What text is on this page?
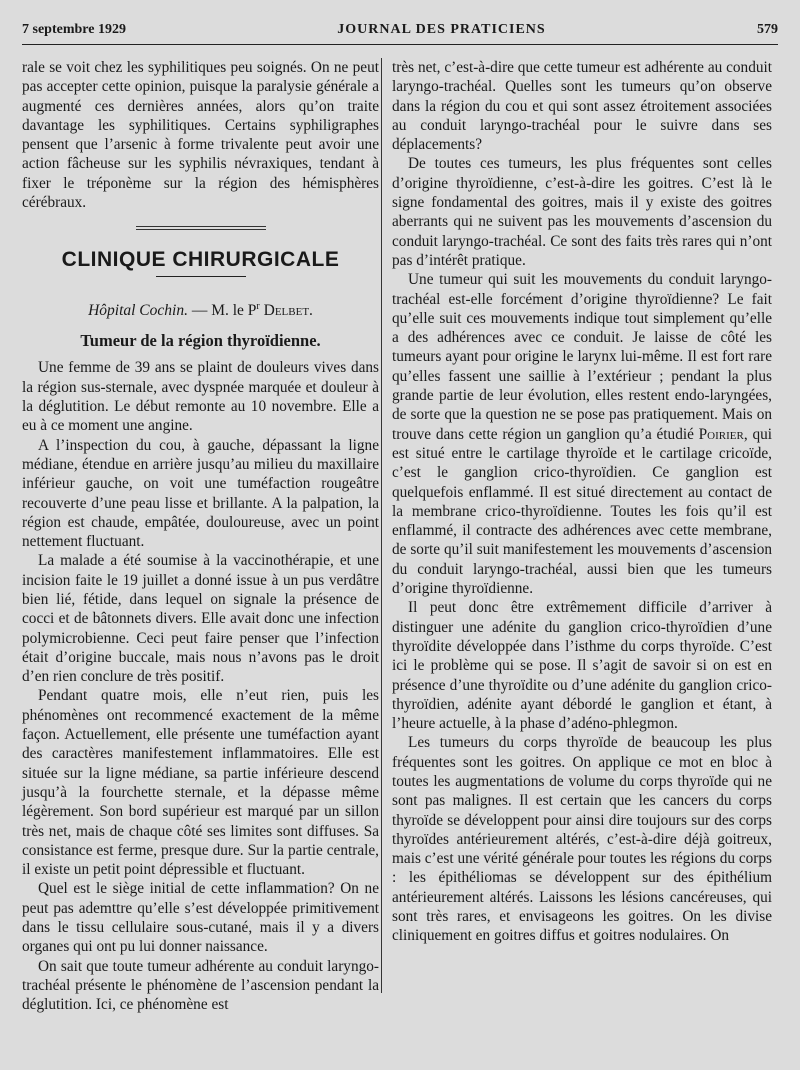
7 septembre 1929	JOURNAL DES PRATICIENS	579

rale se voit chez les syphilitiques peu soignés. On ne peut pas accepter cette opinion, puisque la paralysie générale a augmenté ces dernières années, alors qu’on traite davantage les syphilitiques. Certains syphiligraphes pensent que l’arsenic à forme trivalente peut avoir une action fâcheuse sur les syphilis névraxiques, tendant à fixer le tréponème sur la région des hémisphères cérébraux.

CLINIQUE CHIRURGICALE
Hôpital Cochin. — M. le $P^r$ Delbet.
Tumeur de la région thyroïdienne.

Une femme de 39 ans se plaint de douleurs vives dans la région sus-sternale, avec dyspnée marquée et douleur à la déglutition. Le début remonte au 10 novembre. Elle a eu à ce moment une angine.

A l’inspection du cou, à gauche, dépassant la ligne médiane, étendue en arrière jusqu’au milieu du maxillaire inférieur gauche, on voit une tuméfaction rougeâtre recouverte d’une peau lisse et brillante. A la palpation, la région est chaude, empâtée, douloureuse, avec un point nettement fluctuant.

La malade a été soumise à la vaccinothérapie, et une incision faite le 19 juillet a donné issue à un pus verdâtre bien lié, fétide, dans lequel on signale la présence de cocci et de bâtonnets divers. Elle avait donc une infection polymicrobienne. Ceci peut faire penser que l’infection était d’origine buccale, mais nous n’avons pas le droit d’en rien conclure de très positif.

Pendant quatre mois, elle n’eut rien, puis les phénomènes ont recommencé exactement de la même façon. Actuellement, elle présente une tuméfaction ayant des caractères manifestement inflammatoires. Elle est située sur la ligne médiane, sa partie inférieure descend jusqu’à la fourchette sternale, et la dépasse même légèrement. Son bord supérieur est marqué par un sillon très net, mais de chaque côté ses limites sont diffuses. Sa consistance est ferme, presque dure. Sur la partie centrale, il existe un petit point dépressible et fluctuant.

Quel est le siège initial de cette inflammation? On ne peut pas ademttre qu’elle s’est développée primitivement dans le tissu cellulaire sous-cutané, mais il y a divers organes qui ont pu lui donner naissance.

On sait que toute tumeur adhérente au conduit laryngo-trachéal présente le phénomène de l’ascension pendant la déglutition. Ici, ce phénomène est

très net, c’est-à-dire que cette tumeur est adhérente au conduit laryngo-trachéal. Quelles sont les tumeurs qu’on observe dans la région du cou et qui sont assez étroitement associées au conduit laryngo-trachéal pour le suivre dans ses déplacements?

De toutes ces tumeurs, les plus fréquentes sont celles d’origine thyroïdienne, c’est-à-dire les goitres. C’est là le signe fondamental des goitres, mais il y existe des goitres aberrants qui ne suivent pas les mouvements d’ascension du conduit laryngo-trachéal. Ce sont des faits très rares qui n’ont pas d’intérêt pratique.

Une tumeur qui suit les mouvements du conduit laryngo-trachéal est-elle forcément d’origine thyroïdienne? Le fait qu’elle suit ces mouvements indique tout simplement qu’elle a des adhérences avec ce conduit. Je laisse de côté les tumeurs ayant pour origine le larynx lui-même. Il est fort rare qu’elles fassent une saillie à l’extérieur ; pendant la plus grande partie de leur évolution, elles restent endo-laryngées, de sorte que la question ne se pose pas pratiquement. Mais on trouve dans cette région un ganglion qu’a étudié Poirier, qui est situé entre le cartilage thyroïde et le cartilage cricoïde, c’est le ganglion crico-thyroïdien. Ce ganglion est quelquefois enflammé. Il est situé directement au contact de la membrane crico-thyroïdienne. Toutes les fois qu’il est enflammé, il contracte des adhérences avec cette membrane, de sorte qu’il suit manifestement les mouvements d’ascension du conduit laryngo-trachéal, aussi bien que les tumeurs d’origine thyroïdienne.

Il peut donc être extrêmement difficile d’arriver à distinguer une adénite du ganglion crico-thyroïdien d’une thyroïdite développée dans l’isthme du corps thyroïde. C’est ici le problème qui se pose. Il s’agit de savoir si on est en présence d’une thyroïdite ou d’une adénite du ganglion crico-thyroïdien, adénite ayant débordé le ganglion et étant, à l’heure actuelle, à la phase d’adéno-phlegmon.

Les tumeurs du corps thyroïde de beaucoup les plus fréquentes sont les goitres. On applique ce mot en bloc à toutes les augmentations de volume du corps thyroïde qui ne sont pas malignes. Il est certain que les cancers du corps thyroïde se développent pour ainsi dire toujours sur des corps thyroïdes antérieurement altérés, c’est-à-dire déjà goitreux, mais c’est une vérité générale pour toutes les régions du corps : les épithéliomas se développent sur des épithélium antérieurement altérés. Laissons les lésions cancéreuses, qui sont très rares, et envisageons les goitres. On les divise cliniquement en goitres diffus et goitres nodulaires. On
